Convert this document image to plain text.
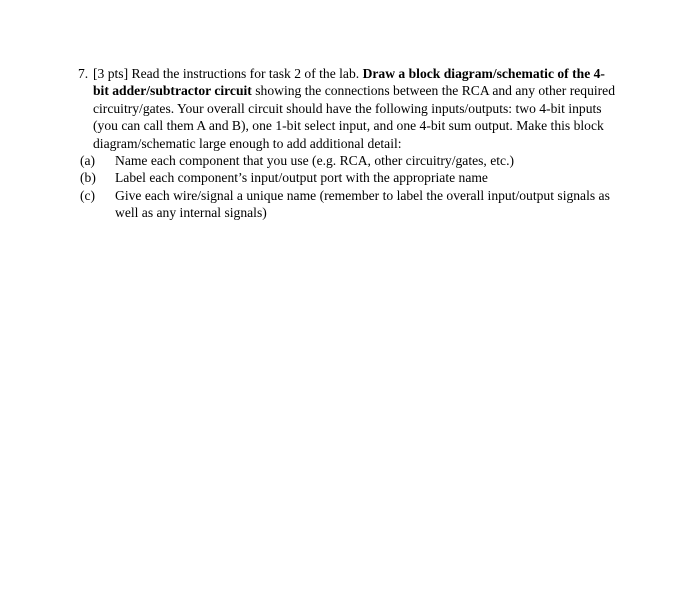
7. [3 pts] Read the instructions for task 2 of the lab. Draw a block diagram/schematic of the 4-
bit adder/subtractor circuit showing the connections between the RCA and any other required
circuitry/gates. Your overall circuit should have the following inputs/outputs: two 4-bit inputs
(you can call them A and B), one 1-bit select input, and one 4-bit sum output. Make this block
diagram/schematic large enough to add additional detail:
(a) Name each component that you use (e.g. RCA, other circuitry/gates, etc.)
(b) Label each component’s input/output port with the appropriate name
(c) Give each wire/signal a unique name (remember to label the overall input/output signals as
well as any internal signals)
